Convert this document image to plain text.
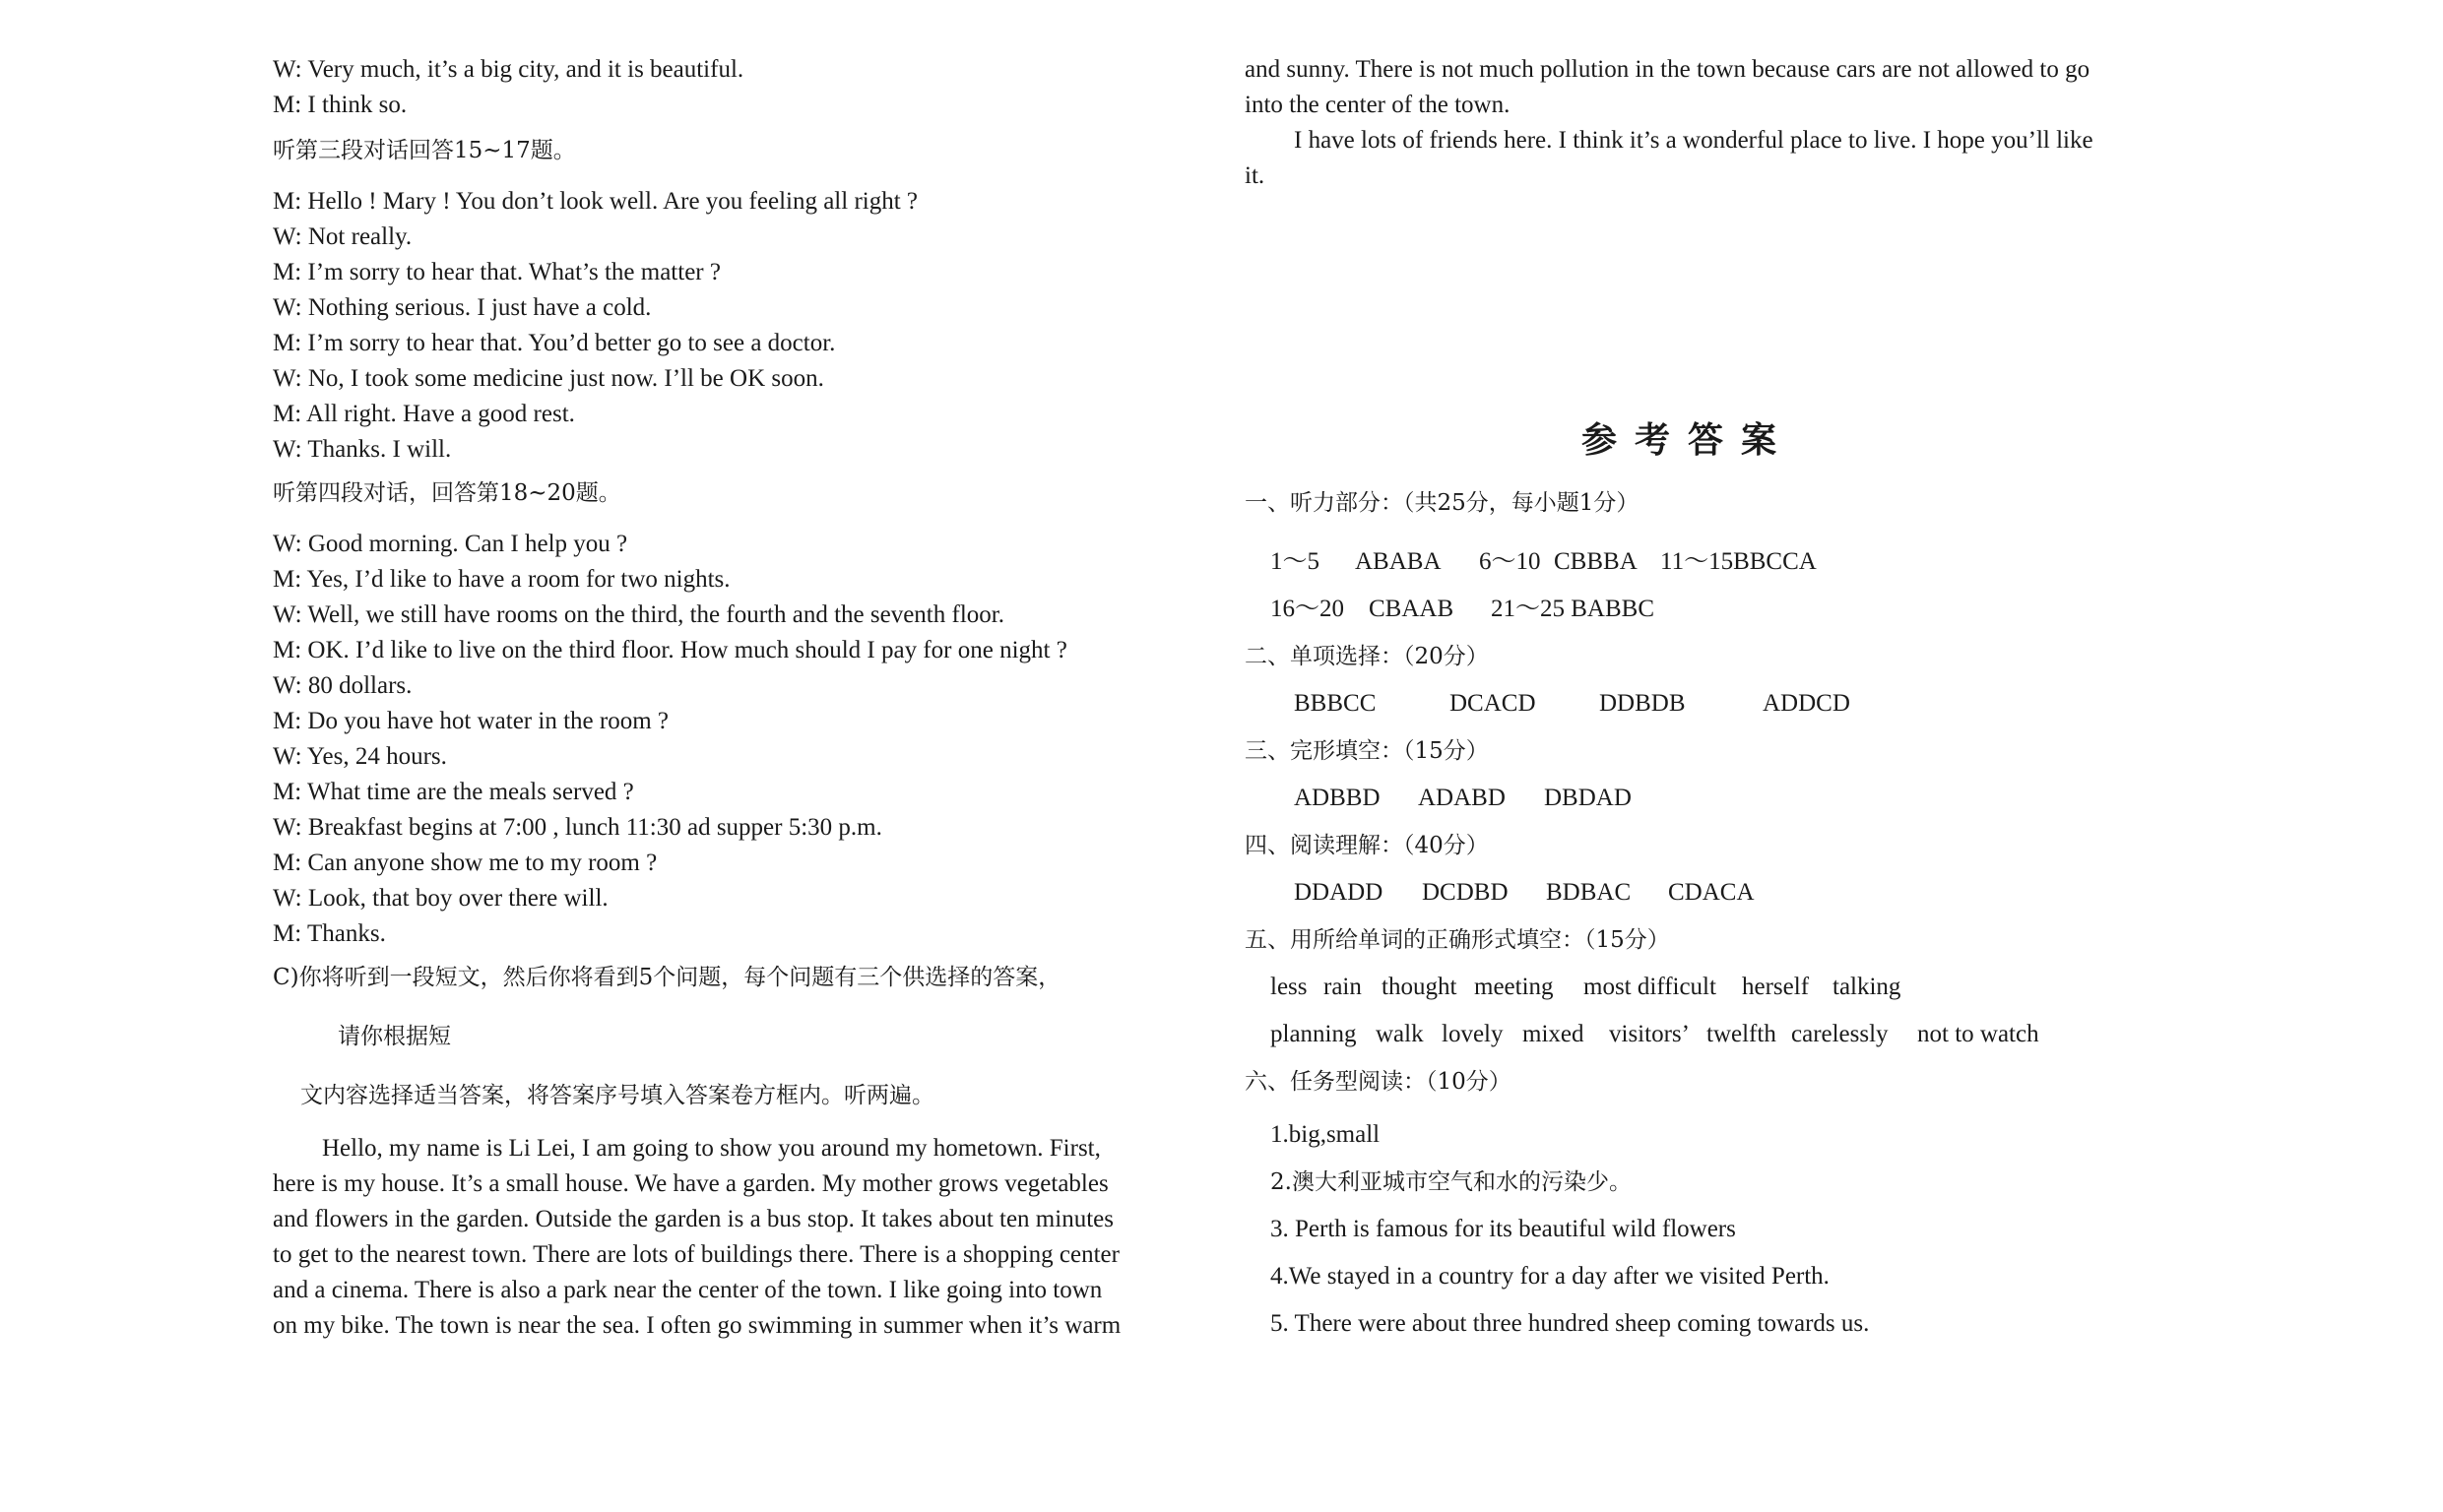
W: Very much, it’s a big city, and it is beautiful.
M: I think so.
听第三段对话回答15~17题。
M: Hello ! Mary ! You don’t look well. Are you feeling all right ?
W: Not really.
M: I’m sorry to hear that. What’s the matter ?
W: Nothing serious. I just have a cold.
M: I’m sorry to hear that. You’d better go to see a doctor.
W: No, I took some medicine just now. I’ll be OK soon.
M: All right. Have a good rest.
W: Thanks. I will.
听第四段对话，回答第18~20题。
W: Good morning. Can I help you ?
M: Yes, I’d like to have a room for two nights.
W: Well, we still have rooms on the third, the fourth and the seventh floor.
M: OK. I’d like to live on the third floor. How much should I pay for one night ?
W: 80 dollars.
M: Do you have hot water in the room ?
W: Yes, 24 hours.
M: What time are the meals served ?
W: Breakfast begins at 7:00 , lunch 11:30 ad supper 5:30 p.m.
M: Can anyone show me to my room ?
W: Look, that boy over there will.
M: Thanks.
C)你将听到一段短文，然后你将看到5个问题，每个问题有三个供选择的答案，
请你根据短
文内容选择适当答案，将答案序号填入答案卷方框内。听两遍。
Hello, my name is Li Lei, I am going to show you around my hometown. First,
here is my house. It’s a small house. We have a garden. My mother grows vegetables
and flowers in the garden. Outside the garden is a bus stop. It takes about ten minutes
to get to the nearest town. There are lots of buildings there. There is a shopping center
and a cinema. There is also a park near the center of the town. I like going into town
on my bike. The town is near the sea. I often go swimming in summer when it’s warm
and sunny. There is not much pollution in the town because cars are not allowed to go
into the center of the town.
I have lots of friends here. I think it’s a wonderful place to live. I hope you’ll like
it.
参考答案
一、听力部分：（共25分，每小题1分）
1～5 ABABA 6～10 CBBBA 11～15BBCCA
16～20 CBAAB 21～25 BABBC
二、单项选择：（20分）
BBBCC	DCACD	DDBDB	ADDCD
三、完形填空：（15分）
ADBBD ADABD DBDAD
四、阅读理解：（40分）
DDADD DCDBD BDBAC CDACA
五、用所给单词的正确形式填空：（15分）
less rain thought meeting most difficult herself talking
planning walk lovely mixed visitors’ twelfth carelessly not to watch
六、任务型阅读：（10分）
1.big,small
2.澳大利亚城市空气和水的污染少。
3. Perth is famous for its beautiful wild flowers
4.We stayed in a country for a day after we visited Perth.
5. There were about three hundred sheep coming towards us.
